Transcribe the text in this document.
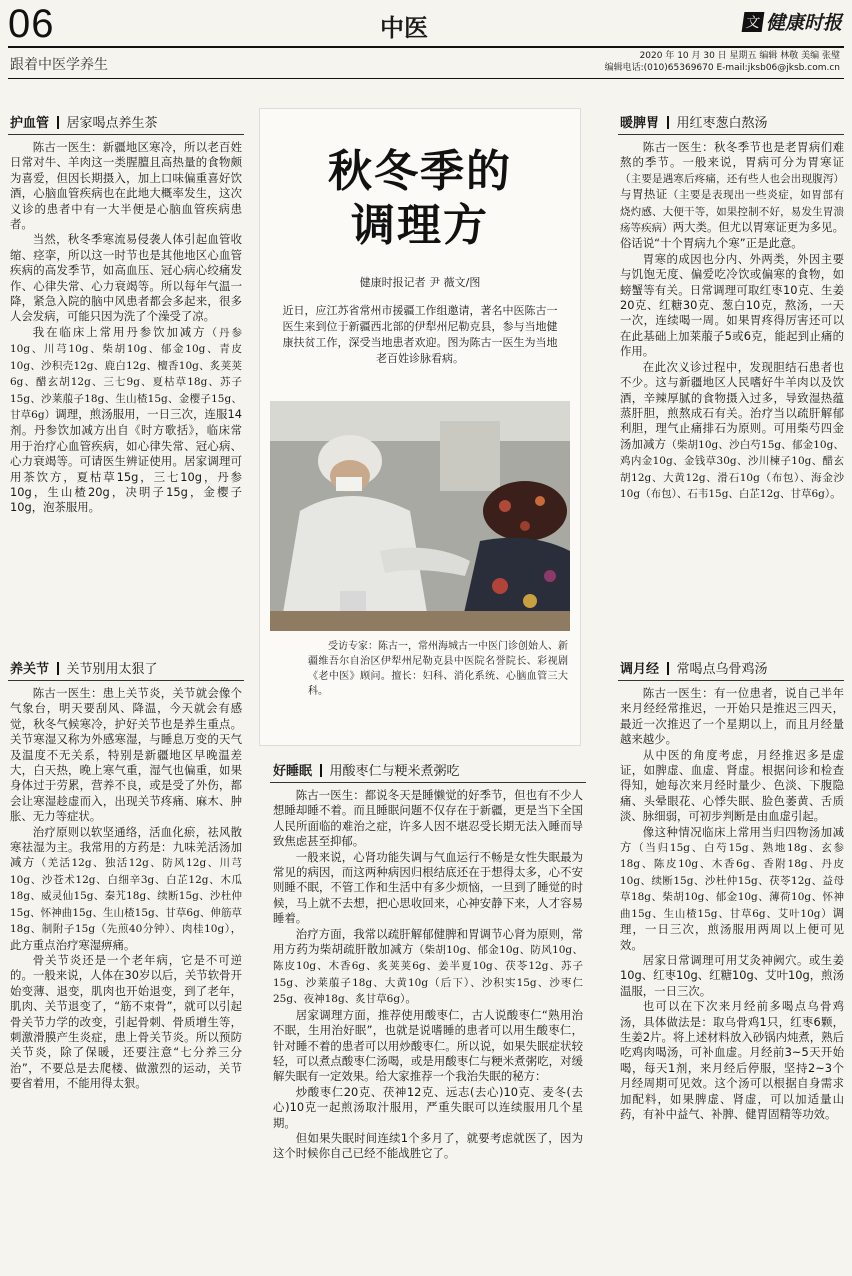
06	中医	文 健康时报
跟着中医学养生
2020 年 10 月 30 日 星期五 编辑 林敬 美编 张璧
编辑电话:(010)65369670 E-mail:jksb06@jksb.com.cn
护血管 居家喝点养生茶

陈古一医生：新疆地区寒冷，所以老百姓日常对牛、羊肉这一类腥膻且高热量的食物颇为喜爱，但因长期摄入，加上口味偏重喜好饮酒，心脑血管疾病也在此地大概率发生，这次义诊的患者中有一大半便是心脑血管疾病患者。

当然，秋冬季寒流易侵袭人体引起血管收缩、痉挛，所以这一时节也是其他地区心血管疾病的高发季节，如高血压、冠心病心绞痛发作、心律失常、心力衰竭等。所以每年气温一降，紧急入院的脑中风患者都会多起来，很多人会发病，可能只因为洗了个澡受了凉。

我在临床上常用丹参饮加减方（丹参10g、川芎10g、柴胡10g、郁金10g、青皮10g、沙积壳12g、鹿白12g、檀香10g、炙荚荚6g、醋玄胡12g、三七9g、夏枯草18g、苏子15g、沙莱菔子18g、生山楂15g、金樱子15g、甘草6g）调理，煎汤服用，一日三次，连服14剂。丹参饮加减方出自《时方歌括》，临床常用于治疗心血管疾病，如心律失常、冠心病、心力衰竭等。可请医生辨证使用。居家调理可用茶饮方，夏枯草15g，三七10g，丹参10g，生山楂20g，决明子15g，金樱子10g，泡茶服用。

养关节 关节别用太狠了

陈古一医生：患上关节炎，关节就会像个气象台，明天要刮风、降温，今天就会有感觉，秋冬气候寒冷，护好关节也是养生重点。关节寒湿又称为外感寒湿，与睡息万变的天气及温度不无关系，特别是新疆地区早晚温差大，白天热，晚上寒气重，湿气也偏重，如果身体过于劳累，营养不良，或是受了外伤，都会让寒湿趁虚而入，出现关节疼痛、麻木、肿胀、无力等症状。

治疗原则以软坚通络，活血化瘀，祛风散寒祛湿为主。我常用的方药是：九味羌活汤加减方（羌活12g、独活12g、防风12g、川芎10g、沙苍术12g、白细辛3g、白芷12g、木瓜18g、威灵仙15g、秦艽18g、续断15g、沙杜仲15g、怀神曲15g、生山楂15g、甘草6g、伸筋草18g、制附子15g（先煎40分钟）、肉桂10g），此方重点治疗寒湿痹痛。

骨关节炎还是一个老年病，它是不可逆的。一般来说，人体在30岁以后，关节软骨开始变薄、退变，肌肉也开始退变，到了老年，肌肉、关节退变了，“筋不束骨”，就可以引起骨关节力学的改变，引起骨刺、骨质增生等，刺激滑膜产生炎症，患上骨关节炎。所以预防关节炎，除了保暖，还要注意“七分养三分治”，不要总是去爬楼、做激烈的运动，关节要省着用，不能用得太狠。

秋冬季的
调理方
健康时报记者 尹 薇文/图
近日，应江苏省常州市援疆工作组邀请，著名中医陈古一医生来到位于新疆西北部的伊犁州尼勒克县，参与当地健康扶贫工作，深受当地患者欢迎。图为陈古一医生为当地老百姓诊脉看病。
受访专家：陈古一，常州海城古一中医门诊创始人、新疆维吾尔自治区伊犁州尼勒克县中医院名誉院长、彩视剧《老中医》顾问。擅长：妇科、消化系统、心脑血管三大科。
好睡眠 用酸枣仁与粳米煮粥吃

陈古一医生：都说冬天是睡懒觉的好季节，但也有不少人想睡却睡不着。而且睡眠问题不仅存在于新疆，更是当下全国人民所面临的难治之症，许多人因不堪忍受长期无法入睡而导致焦虑甚至抑郁。

一般来说，心肾功能失调与气血运行不畅是女性失眠最为常见的病因，而这两种病因归根结底还在于想得太多，心不安则睡不眠，不管工作和生活中有多少烦恼，一旦到了睡觉的时候，马上就不去想，把心思收回来，心神安静下来，人才容易睡着。

治疗方面，我常以疏肝解郁健脾和胃调节心肾为原则，常用方药为柴胡疏肝散加减方（柴胡10g、郁金10g、防风10g、陈皮10g、木香6g、炙荚荚6g、姜半夏10g、茯苓12g、苏子15g、沙莱菔子18g、大黄10g（后下）、沙积实15g、沙枣仁25g、夜神18g、炙甘草6g）。

居家调理方面，推荐使用酸枣仁，古人说酸枣仁“熟用治不眠，生用治好眠”，也就是说嗜睡的患者可以用生酸枣仁，针对睡不着的患者可以用炒酸枣仁。所以说，如果失眠症状较轻，可以煮点酸枣仁汤喝，或是用酸枣仁与粳米煮粥吃，对缓解失眠有一定效果。给大家推荐一个我治失眠的秘方：

炒酸枣仁20克、茯神12克、远志(去心)10克、麦冬(去心)10克一起煎汤取汁服用，严重失眠可以连续服用几个星期。

但如果失眠时间连续1个多月了，就要考虑就医了，因为这个时候你自己已经不能战胜它了。

暖脾胃 用红枣葱白熬汤

陈古一医生：秋冬季节也是老胃病们难熬的季节。一般来说，胃病可分为胃寒证（主要是遇寒后疼痛，还有些人也会出现腹泻）与胃热证（主要是表现出一些炎症，如胃部有烧灼感、大便干等，如果控制不好，易发生胃溃疡等疾病）两大类。但尤以胃寒证更为多见。俗话说“十个胃病九个寒”正是此意。

胃寒的成因也分内、外两类，外因主要与饥饱无度、偏爱吃冷饮或偏寒的食物，如螃蟹等有关。日常调理可取红枣10克、生姜20克、红糖30克、葱白10克，熬汤，一天一次，连续喝一周。如果胃疼得厉害还可以在此基础上加莱菔子5或6克，能起到止痛的作用。

在此次义诊过程中，发现胆结石患者也不少。这与新疆地区人民嗜好牛羊肉以及饮酒，辛辣厚腻的食物摄入过多，导致湿热蕴蒸肝胆，煎熬成石有关。治疗当以疏肝解郁利胆，理气止痛排石为原则。可用柴芍四金汤加减方（柴胡10g、沙白芍15g、郁金10g、鸡内金10g、金钱草30g、沙川楝子10g、醋玄胡12g、大黄12g、滑石10g（布包）、海金沙10g（布包）、石韦15g、白芷12g、甘草6g）。

调月经 常喝点乌骨鸡汤

陈古一医生：有一位患者，说自己半年来月经经常推迟，一开始只是推迟三四天，最近一次推迟了一个星期以上，而且月经量越来越少。

从中医的角度考虑，月经推迟多是虚证，如脾虚、血虚、肾虚。根据问诊和检查得知，她每次来月经时量少、色淡、下腹隐痛、头晕眼花、心悸失眠、脸色萎黄、舌质淡、脉细弱，可初步判断是由血虚引起。

像这种情况临床上常用当归四物汤加减方（当归15g、白芍15g、熟地18g、玄参18g、陈皮10g、木香6g、香附18g、丹皮10g、续断15g、沙杜仲15g、茯苓12g、益母草18g、柴胡10g、郁金10g、薄荷10g、怀神曲15g、生山楂15g、甘草6g、艾叶10g）调理，一日三次，煎汤服用两周以上便可见效。

居家日常调理可用艾灸神阙穴。或生姜10g、红枣10g、红糖10g、艾叶10g，煎汤温服，一日三次。

也可以在下次来月经前多喝点乌骨鸡汤，具体做法是：取乌骨鸡1只，红枣6颗，生姜2片。将上述材料放入砂锅内炖煮，熟后吃鸡肉喝汤，可补血虚。月经前3~5天开始喝，每天1剂，来月经后停服，坚持2~3个月经周期可见效。这个汤可以根据自身需求加配料，如果脾虚、肾虚，可以加适量山药，有补中益气、补脾、健胃固精等功效。
